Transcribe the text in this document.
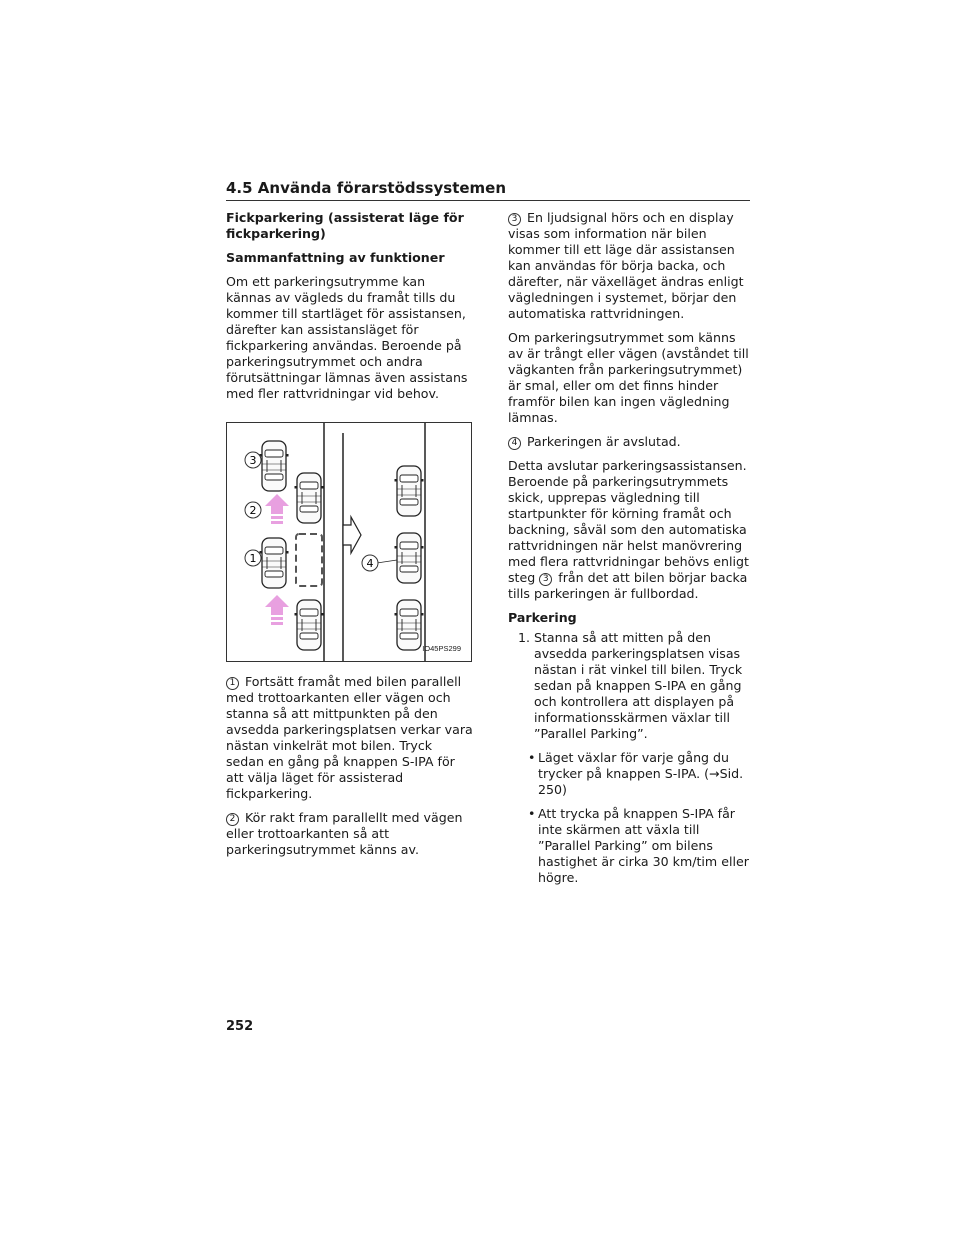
4.5 Använda förarstödssystemen

Fickparkering (assisterat läge för fickparkering)

Sammanfattning av funktioner

Om ett parkeringsutrymme kan kännas av vägleds du framåt tills du kommer till startläget för assistansen, därefter kan assistansläget för fickparkering användas. Beroende på parkeringsutrymmet och andra förutsättningar lämnas även assistans med fler rattvridningar vid behov.

3
2
1	4
IO45PS299

1 Fortsätt framåt med bilen parallell med trottoarkanten eller vägen och stanna så att mittpunkten på den avsedda parkeringsplatsen verkar vara nästan vinkelrät mot bilen. Tryck sedan en gång på knappen S-IPA för att välja läget för assisterad fickparkering.

2 Kör rakt fram parallellt med vägen eller trottoarkanten så att parkeringsutrymmet känns av.

3 En ljudsignal hörs och en display visas som information när bilen kommer till ett läge där assistansen kan användas för börja backa, och därefter, när växelläget ändras enligt vägledningen i systemet, börjar den automatiska rattvridningen.

Om parkeringsutrymmet som känns av är trångt eller vägen (avståndet till vägkanten från parkeringsutrymmet) är smal, eller om det finns hinder framför bilen kan ingen vägledning lämnas.

4 Parkeringen är avslutad.

Detta avslutar parkeringsassistansen. Beroende på parkeringsutrymmets skick, upprepas vägledning till startpunkter för körning framåt och backning, såväl som den automatiska rattvridningen när helst manövrering med flera rattvridningar behövs enligt steg 3 från det att bilen börjar backa tills parkeringen är fullbordad.

Parkering

1. Stanna så att mitten på den avsedda parkeringsplatsen visas nästan i rät vinkel till bilen. Tryck sedan på knappen S-IPA en gång och kontrollera att displayen på informationsskärmen växlar till ”Parallel Parking”.
• Läget växlar för varje gång du trycker på knappen S-IPA. (→Sid. 250)
• Att trycka på knappen S-IPA får inte skärmen att växla till ”Parallel Parking” om bilens hastighet är cirka 30 km/tim eller högre.
252
